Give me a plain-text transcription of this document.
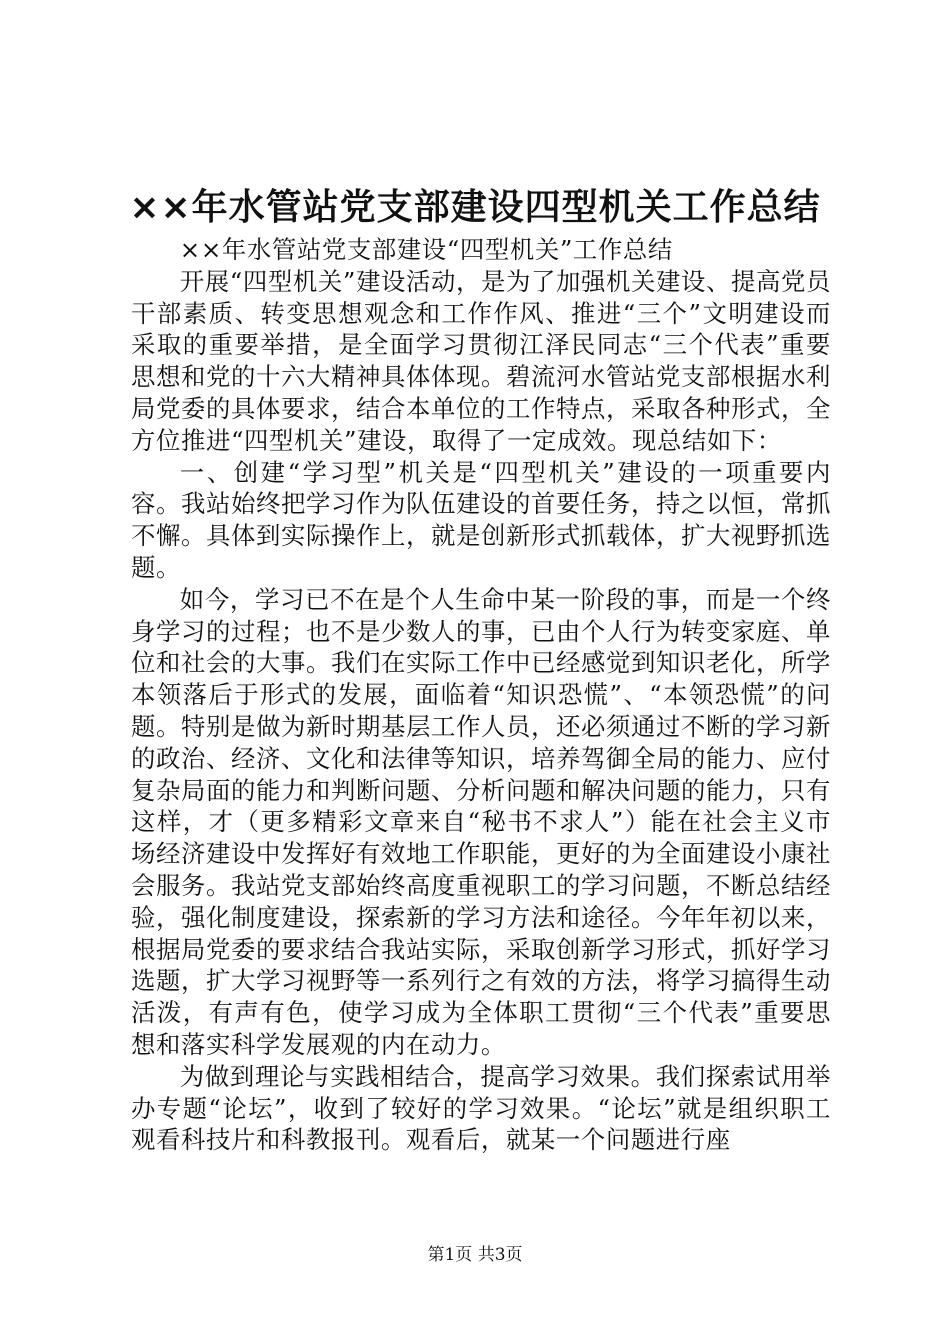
××年水管站党支部建设四型机关工作总结

××年水管站党支部建设“四型机关”工作总结

开展“四型机关”建设活动，是为了加强机关建设、提高党员干部素质、转变思想观念和工作作风、推进“三个”文明建设而采取的重要举措，是全面学习贯彻江泽民同志“三个代表”重要思想和党的十六大精神具体体现。碧流河水管站党支部根据水利局党委的具体要求，结合本单位的工作特点，采取各种形式，全方位推进“四型机关”建设，取得了一定成效。现总结如下：

一、创建“学习型”机关是“四型机关”建设的一项重要内容。我站始终把学习作为队伍建设的首要任务，持之以恒，常抓不懈。具体到实际操作上，就是创新形式抓载体，扩大视野抓选题。

如今，学习已不在是个人生命中某一阶段的事，而是一个终身学习的过程；也不是少数人的事，已由个人行为转变家庭、单位和社会的大事。我们在实际工作中已经感觉到知识老化，所学本领落后于形式的发展，面临着“知识恐慌”、“本领恐慌”的问题。特别是做为新时期基层工作人员，还必须通过不断的学习新的政治、经济、文化和法律等知识，培养驾御全局的能力、应付复杂局面的能力和判断问题、分析问题和解决问题的能力，只有这样，才（更多精彩文章来自“秘书不求人”）能在社会主义市场经济建设中发挥好有效地工作职能，更好的为全面建设小康社会服务。我站党支部始终高度重视职工的学习问题，不断总结经验，强化制度建设，探索新的学习方法和途径。今年年初以来，根据局党委的要求结合我站实际，采取创新学习形式，抓好学习选题，扩大学习视野等一系列行之有效的方法，将学习搞得生动活泼，有声有色，使学习成为全体职工贯彻“三个代表”重要思想和落实科学发展观的内在动力。

为做到理论与实践相结合，提高学习效果。我们探索试用举办专题“论坛”，收到了较好的学习效果。“论坛”就是组织职工观看科技片和科教报刊。观看后，就某一个问题进行座

第1页 共3页
